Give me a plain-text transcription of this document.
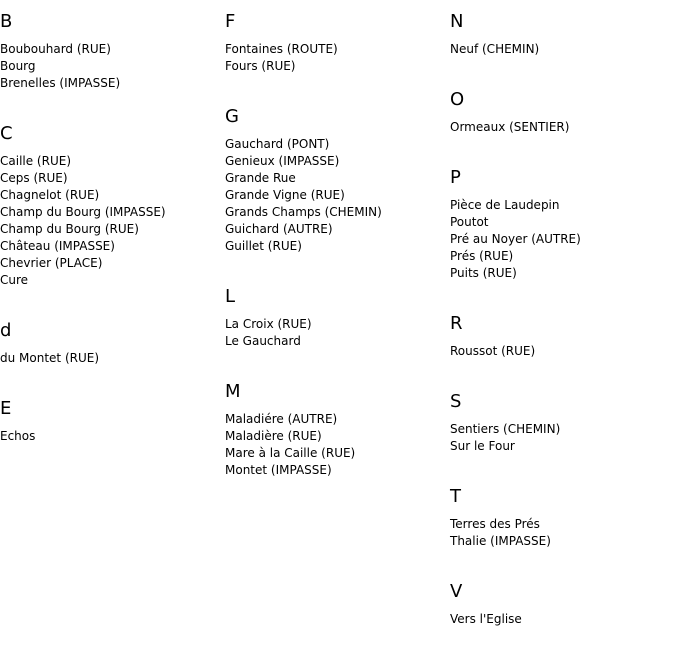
B
Boubouhard (RUE)
Bourg
Brenelles (IMPASSE)
C
Caille (RUE)
Ceps (RUE)
Chagnelot (RUE)
Champ du Bourg (IMPASSE)
Champ du Bourg (RUE)
Château (IMPASSE)
Chevrier (PLACE)
Cure
d
du Montet (RUE)
E
Echos
F
Fontaines (ROUTE)
Fours (RUE)
G
Gauchard (PONT)
Genieux (IMPASSE)
Grande Rue
Grande Vigne (RUE)
Grands Champs (CHEMIN)
Guichard (AUTRE)
Guillet (RUE)
L
La Croix (RUE)
Le Gauchard
M
Maladiére (AUTRE)
Maladière (RUE)
Mare à la Caille (RUE)
Montet (IMPASSE)
N
Neuf (CHEMIN)
O
Ormeaux (SENTIER)
P
Pièce de Laudepin
Poutot
Pré au Noyer (AUTRE)
Prés (RUE)
Puits (RUE)
R
Roussot (RUE)
S
Sentiers (CHEMIN)
Sur le Four
T
Terres des Prés
Thalie (IMPASSE)
V
Vers l'Eglise
